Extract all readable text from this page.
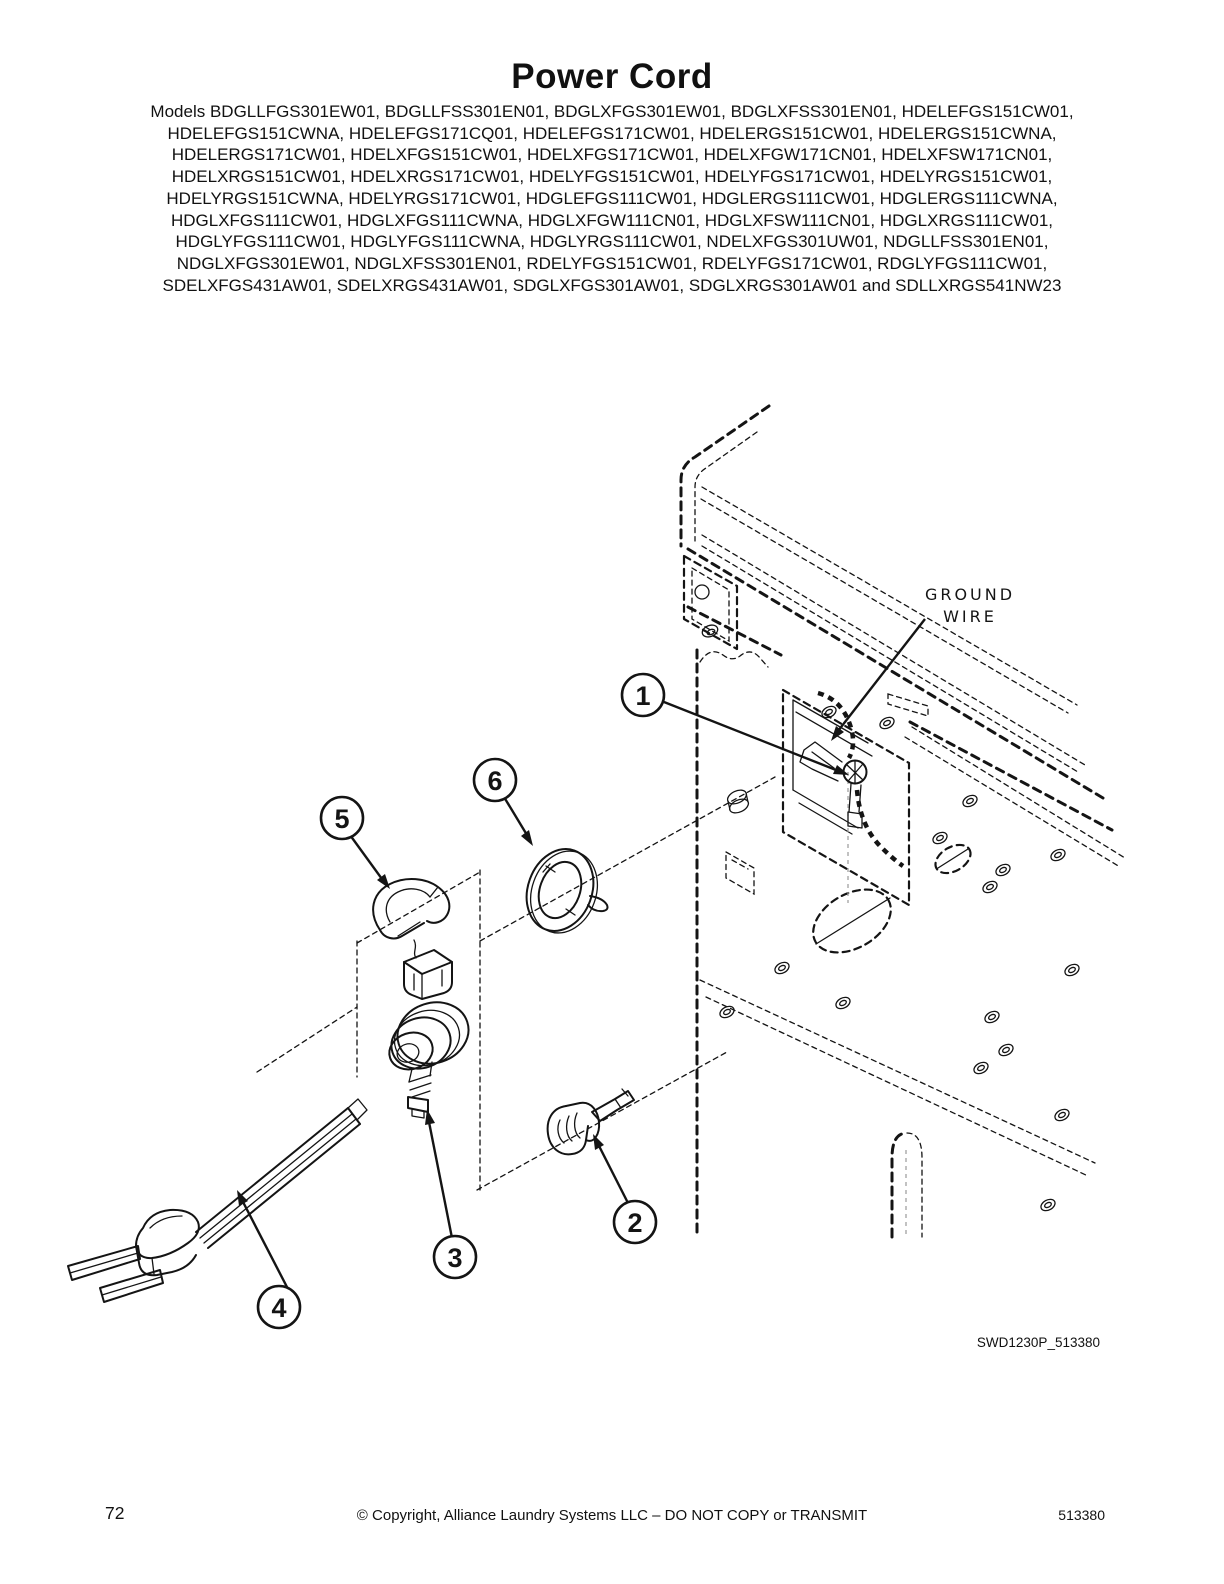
Power Cord
Models BDGLLFGS301EW01, BDGLLFSS301EN01, BDGLXFGS301EW01, BDGLXFSS301EN01, HDELEFGS151CW01,
HDELEFGS151CWNA, HDELEFGS171CQ01, HDELEFGS171CW01, HDELERGS151CW01, HDELERGS151CWNA,
HDELERGS171CW01, HDELXFGS151CW01, HDELXFGS171CW01, HDELXFGW171CN01, HDELXFSW171CN01,
HDELXRGS151CW01, HDELXRGS171CW01, HDELYFGS151CW01, HDELYFGS171CW01, HDELYRGS151CW01,
HDELYRGS151CWNA, HDELYRGS171CW01, HDGLEFGS111CW01, HDGLERGS111CW01, HDGLERGS111CWNA,
HDGLXFGS111CW01, HDGLXFGS111CWNA, HDGLXFGW111CN01, HDGLXFSW111CN01, HDGLXRGS111CW01,
HDGLYFGS111CW01, HDGLYFGS111CWNA, HDGLYRGS111CW01, NDELXFGS301UW01, NDGLLFSS301EN01,
NDGLXFGS301EW01, NDGLXFSS301EN01, RDELYFGS151CW01, RDELYFGS171CW01, RDGLYFGS111CW01,
SDELXFGS431AW01, SDELXRGS431AW01, SDGLXFGS301AW01, SDGLXRGS301AW01 and SDLLXRGS541NW23
GROUND
WIRE
1
2
3
4
5
6
SWD1230P_513380
72	© Copyright, Alliance Laundry Systems LLC – DO NOT COPY or TRANSMIT	513380
